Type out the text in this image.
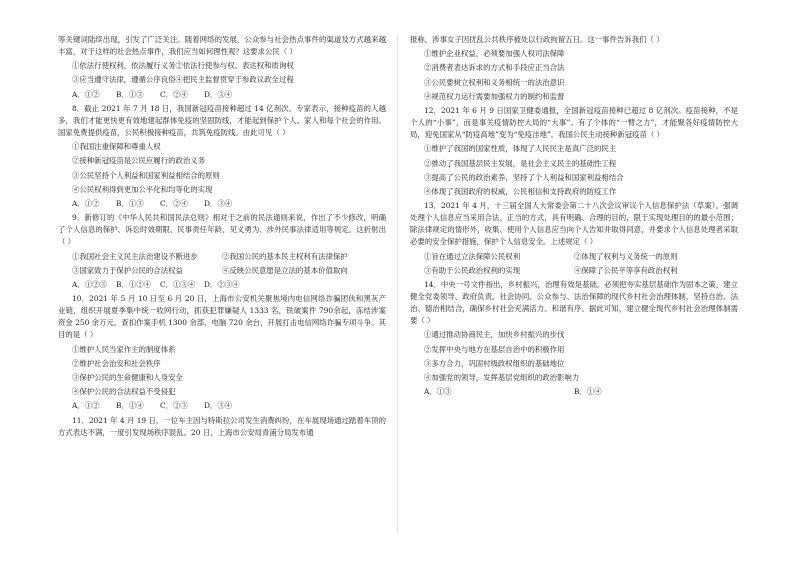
等关键词陆续出现，引发了广泛关注。随着网络的发展，公众参与社会热点事件的渠道及方式越来越丰富，对于这样的社会热点事件，我们应当如何理性观？这要求公民（ ）

①依法行使权利，依法履行义务②依法行使参与权、表达权和质询权

③应当遵守法律，遵循公序良俗④把民主监督贯穿于参政议政全过程

A．①② B．①③ C．②④ D．③④

8．截止 2021 年 7 月 18 日，我国新冠疫苗接种超过 14 亿剂次。专家表示，接种疫苗的人越多，我们才能更快更有效地建起群体免疫的坚固防线，才能起到保护个人、家人和每个社会的作用。国家免费提供疫苗，公民积极接种疫苗，共筑免疫防线。由此可见（ ）

①我国注重保障和尊重人权

②接种新冠疫苗是公民应履行的政治义务

③公民坚持个人利益和国家利益相结合的原则

④公民权利得到更加公平化和均等化的实现

A．①② B．①③ C．②④ D．③④

9．新修订的《中华人民共和国民法总则》相对于之前的民法通则来说，作出了不少修改，明确了个人信息的保护、诉讼时效期限、民事责任年龄、见义勇为、涉外民事法律适用等规定。这折射出（ ）

①我国社会主义民主法治建设不断进步	②我国公民的基本民主权利有法律保护

③国家致力于保护公民的合法权益	④反映公民意愿是立法的基本价值取向

A．①②③ B．①②④ C．①③④ D．②③④

10．2021 年 5 月 10 日至 6 月 20 日，上海市公安机关聚焦境内电信网络诈骗团伙和黑灰产业链，组织开展夏季集中统一收网行动，抓获犯罪嫌疑人 1333 名，铁破案件 790余起，冻结涉案资金 250 余万元，查扣作案手机 1300 余部、电脑 720 余台，开展打击电信网络诈骗专项斗争。其目的是（ ）

①维护人民当家作主的制度体系

②维护社会治安和社会秩序

③保护公民的生命健康和人身安全

④保护公民的合法权益不受侵犯

A．①② B．①④ C．②③ D．③④

11．2021 年 4 月 19 日，一位车主因与特斯拉公司发生消费纠纷，在车展现场通过踏着车顶的方式表达不满，一度引发现场秩序混乱。20 日，上海市公安局青浦分局发布通

报称，涉事女子因扰乱公共秩序被处以行政拘留五日。这一事件告诉我们（ ）

①维护企业权益，必须要加强人权司法保障

②消费者表达诉求的方式和手段应正当合法

③公民要树立权利和义务相统一的法治意识

④规范权力运行需要加强权力的制约和监督

12．2021 年 6 月 9 日国家卫健委通报，全国新冠疫苗接种已超过 8 亿剂次。疫苗接种，不是个人的“小事”，而是事关疫情防控大局的“大事”。有了个体的“一臂之力”，才能聚各好疫情防控大局，迎免国家从“防疫高地”变为“免疫洼地”。我国公民主动接种新冠疫苗（ ）

①维护了我国的国家性质，体现了人民民主是真广泛的民主

②推动了我国基层民主发展，是社会主义民主的基础性工程

③提高了公民的政治素养，坚持了个人利益和国家利益相结合

④体现了我国政府的权威，公民相信和支持政府的防疫工作

13．2021 年 4 月，十三届全国人大常委会第二十八次会议审议个人信息保护法（草案）。强调处理个人信息应当采用合法、正当的方式，具有明确、合理的目的，限于实现处理目的的最小范围；除法律规定的情形外，收集、使用个人信息应当向个人告知并取得同意，并要求个人信息处理者采取必要的安全保护措施，保护个人信息安全。上述规定（ ）

①旨在通过立法保障公民权利	②体现了权利与义务统一的原则

③有助于公民政治权利的实现	④保障了公民平等享有政治权利

14．中央一号文件指出，乡村振兴，治理有效是基础。必须把夯实基层基础作为固本之策，建立健全党委领导、政府负责、社会协同、公众参与、法治保障的现代乡村社会治理体制，坚持自治、法治、德治相结合，确保乡村社会充满活力、和谐有序。据此可知，建立健全现代乡村社会治理体制需要（ ）

①通过推动协商民主，加快乡村振兴的步伐

②发挥中央与地方在基层自治中的积极作用

③多方合力，巩固村级政权组织的基础地位

④加强党的领导，发挥基层党组织的政治影响力

A．①③	B．①④
